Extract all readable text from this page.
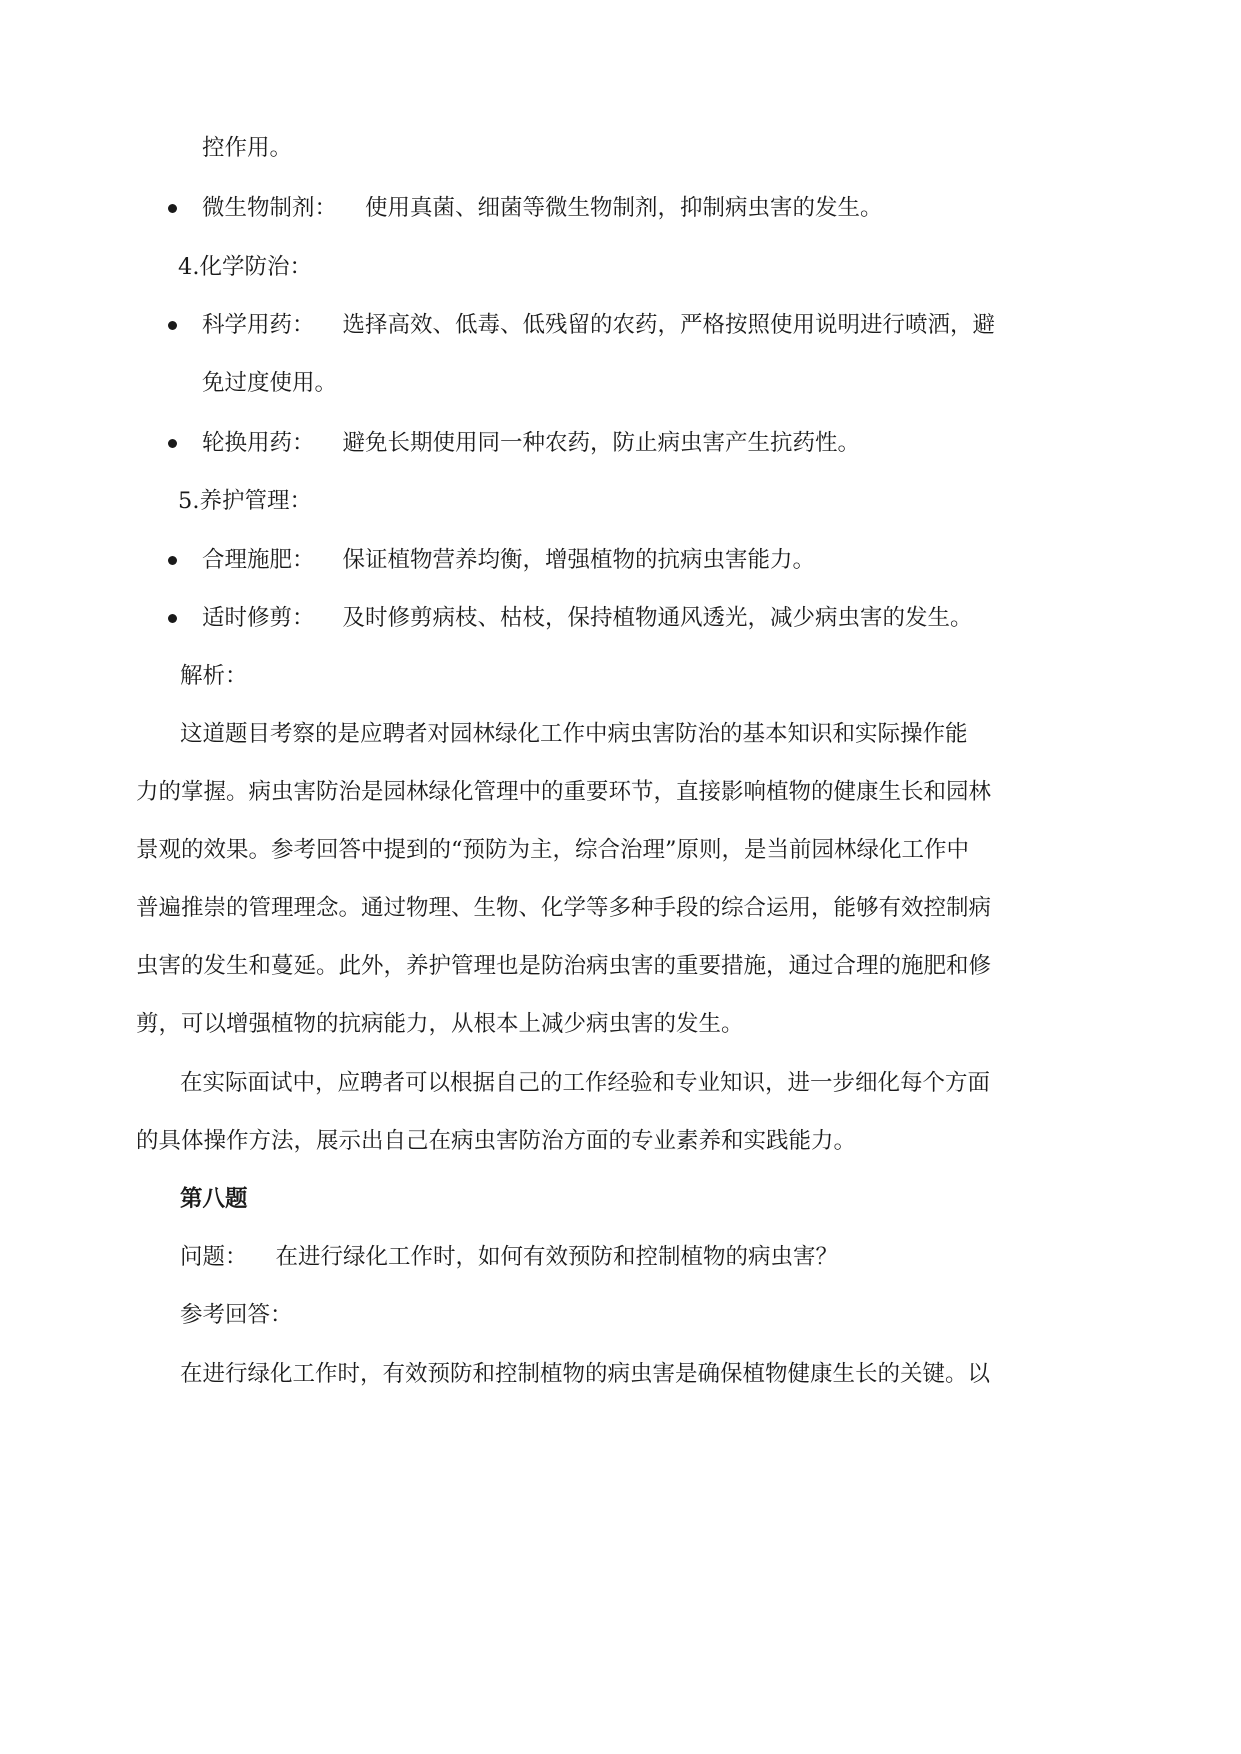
控作用。
微生物制剂： 使用真菌、细菌等微生物制剂，抑制病虫害的发生。
4.化学防治：
科学用药： 选择高效、低毒、低残留的农药，严格按照使用说明进行喷洒，避
免过度使用。
轮换用药： 避免长期使用同一种农药，防止病虫害产生抗药性。
5.养护管理：
合理施肥： 保证植物营养均衡，增强植物的抗病虫害能力。
适时修剪： 及时修剪病枝、枯枝，保持植物通风透光，减少病虫害的发生。
解析：
这道题目考察的是应聘者对园林绿化工作中病虫害防治的基本知识和实际操作能
力的掌握。病虫害防治是园林绿化管理中的重要环节，直接影响植物的健康生长和园林
景观的效果。参考回答中提到的“预防为主，综合治理”原则，是当前园林绿化工作中
普遍推崇的管理理念。通过物理、生物、化学等多种手段的综合运用，能够有效控制病
虫害的发生和蔓延。此外，养护管理也是防治病虫害的重要措施，通过合理的施肥和修
剪，可以增强植物的抗病能力，从根本上减少病虫害的发生。
在实际面试中，应聘者可以根据自己的工作经验和专业知识，进一步细化每个方面
的具体操作方法，展示出自己在病虫害防治方面的专业素养和实践能力。
第八题
问题： 在进行绿化工作时，如何有效预防和控制植物的病虫害？
参考回答：
在进行绿化工作时，有效预防和控制植物的病虫害是确保植物健康生长的关键。以
